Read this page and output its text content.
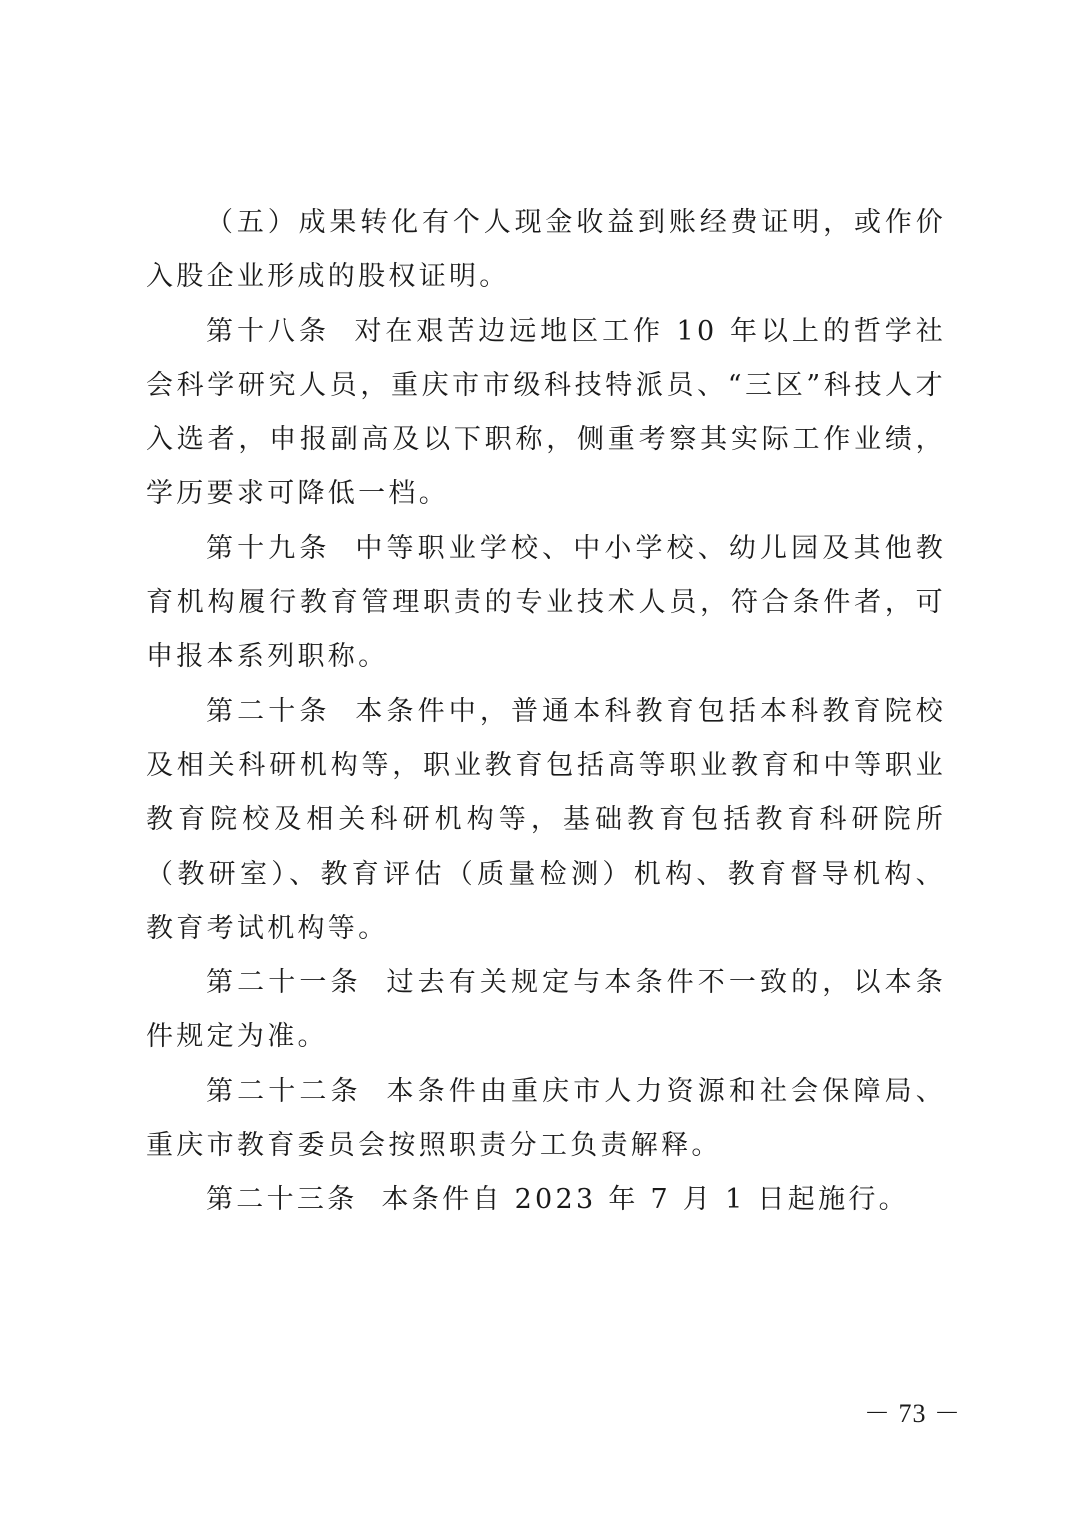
（五）成果转化有个人现金收益到账经费证明，或作价入股企业形成的股权证明。

第十八条 对在艰苦边远地区工作 10 年以上的哲学社会科学研究人员，重庆市市级科技特派员、“三区”科技人才入选者，申报副高及以下职称，侧重考察其实际工作业绩，学历要求可降低一档。

第十九条 中等职业学校、中小学校、幼儿园及其他教育机构履行教育管理职责的专业技术人员，符合条件者，可申报本系列职称。

第二十条 本条件中，普通本科教育包括本科教育院校及相关科研机构等，职业教育包括高等职业教育和中等职业教育院校及相关科研机构等，基础教育包括教育科研院所（教研室）、教育评估（质量检测）机构、教育督导机构、教育考试机构等。

第二十一条 过去有关规定与本条件不一致的，以本条件规定为准。

第二十二条 本条件由重庆市人力资源和社会保障局、重庆市教育委员会按照职责分工负责解释。

第二十三条 本条件自 2023 年 7 月 1 日起施行。

－ 73 －
